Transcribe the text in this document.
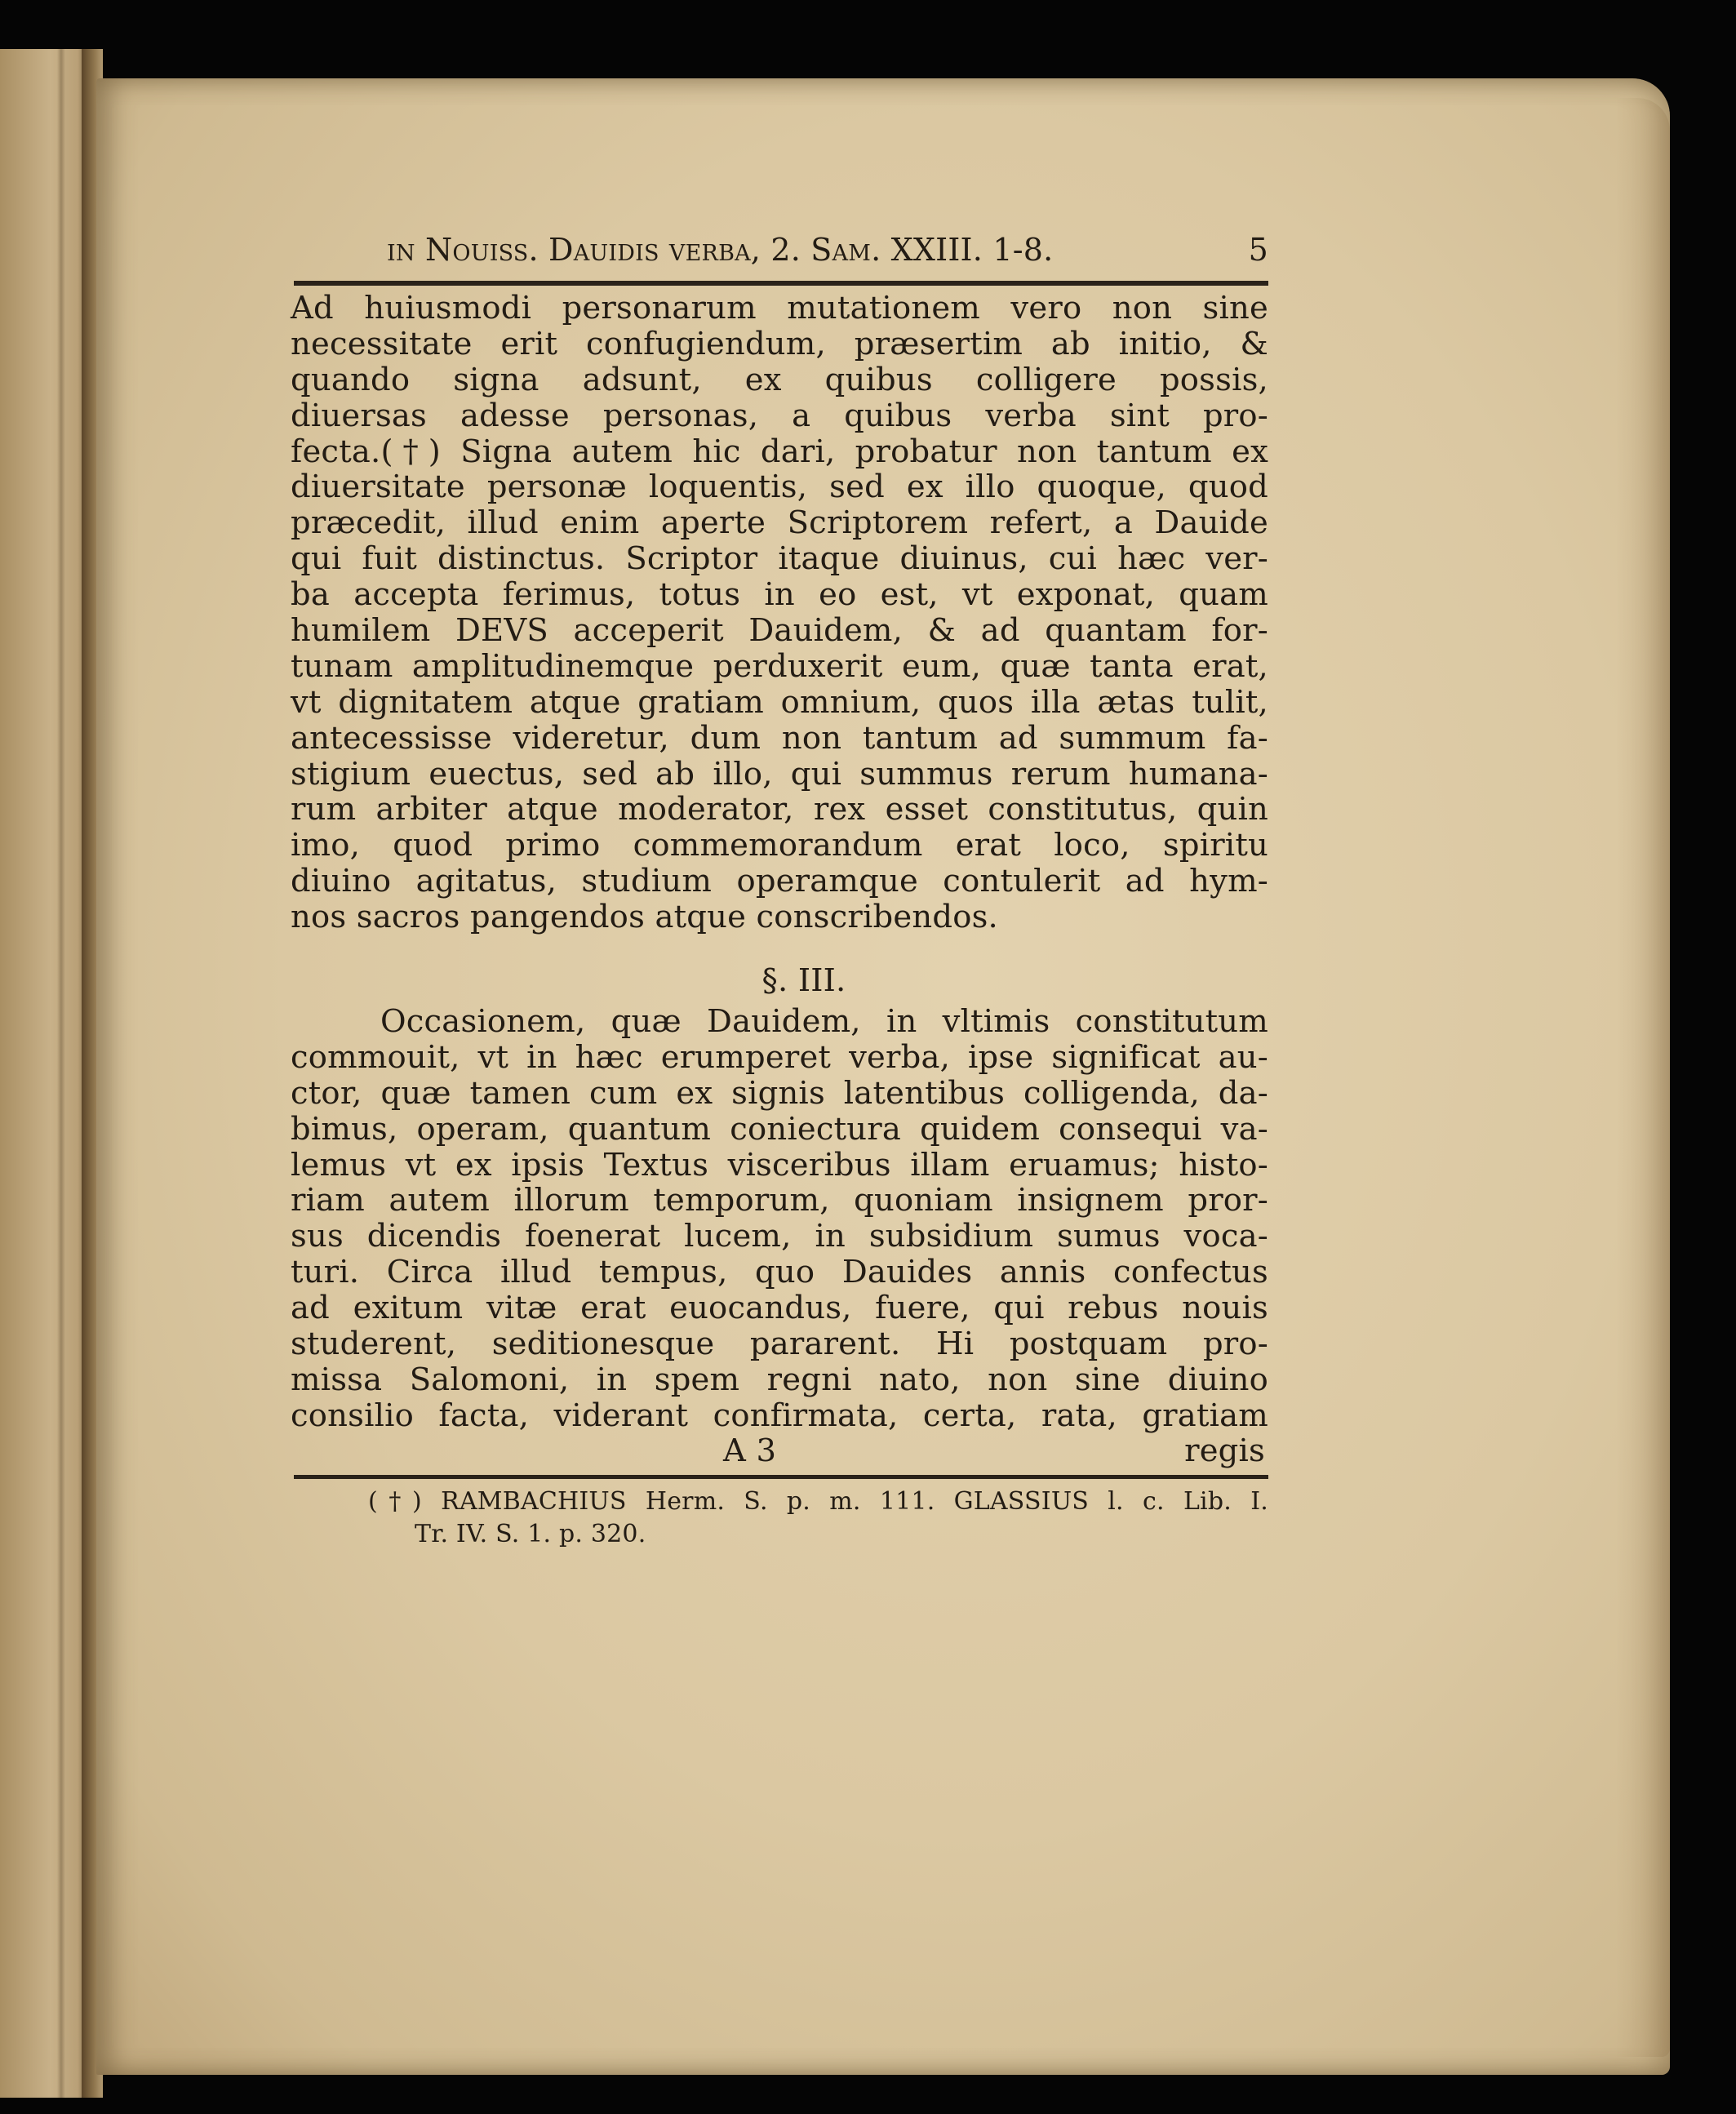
in Nouiss. Dauidis verba, 2. Sam. XXIII. 1-8.	5
Ad huiusmodi personarum mutationem vero non sine
necessitate erit confugiendum, præsertim ab initio, &
quando signa adsunt, ex quibus colligere possis,
diuersas adesse personas, a quibus verba sint pro-
fecta.(†) Signa autem hic dari, probatur non tantum ex
diuersitate personæ loquentis, sed ex illo quoque, quod
præcedit, illud enim aperte Scriptorem refert, a Dauide
qui fuit distinctus. Scriptor itaque diuinus, cui hæc ver-
ba accepta ferimus, totus in eo est, vt exponat, quam
humilem DEVS acceperit Dauidem, & ad quantam for-
tunam amplitudinemque perduxerit eum, quæ tanta erat,
vt dignitatem atque gratiam omnium, quos illa ætas tulit,
antecessisse videretur, dum non tantum ad summum fa-
stigium euectus, sed ab illo, qui summus rerum humana-
rum arbiter atque moderator, rex esset constitutus, quin
imo, quod primo commemorandum erat loco, spiritu
diuino agitatus, studium operamque contulerit ad hym-
nos sacros pangendos atque conscribendos.
§. III.
Occasionem, quæ Dauidem, in vltimis constitutum
commouit, vt in hæc erumperet verba, ipse significat au-
ctor, quæ tamen cum ex signis latentibus colligenda, da-
bimus, operam, quantum coniectura quidem consequi va-
lemus vt ex ipsis Textus visceribus illam eruamus; histo-
riam autem illorum temporum, quoniam insignem pror-
sus dicendis foenerat lucem, in subsidium sumus voca-
turi. Circa illud tempus, quo Dauides annis confectus
ad exitum vitæ erat euocandus, fuere, qui rebus nouis
studerent, seditionesque pararent. Hi postquam pro-
missa Salomoni, in spem regni nato, non sine diuino
consilio facta, viderant confirmata, certa, rata, gratiam
A 3	regis
(†) RAMBACHIUS Herm. S. p. m. 111. GLASSIUS l. c. Lib. I.
Tr. IV. S. 1. p. 320.
